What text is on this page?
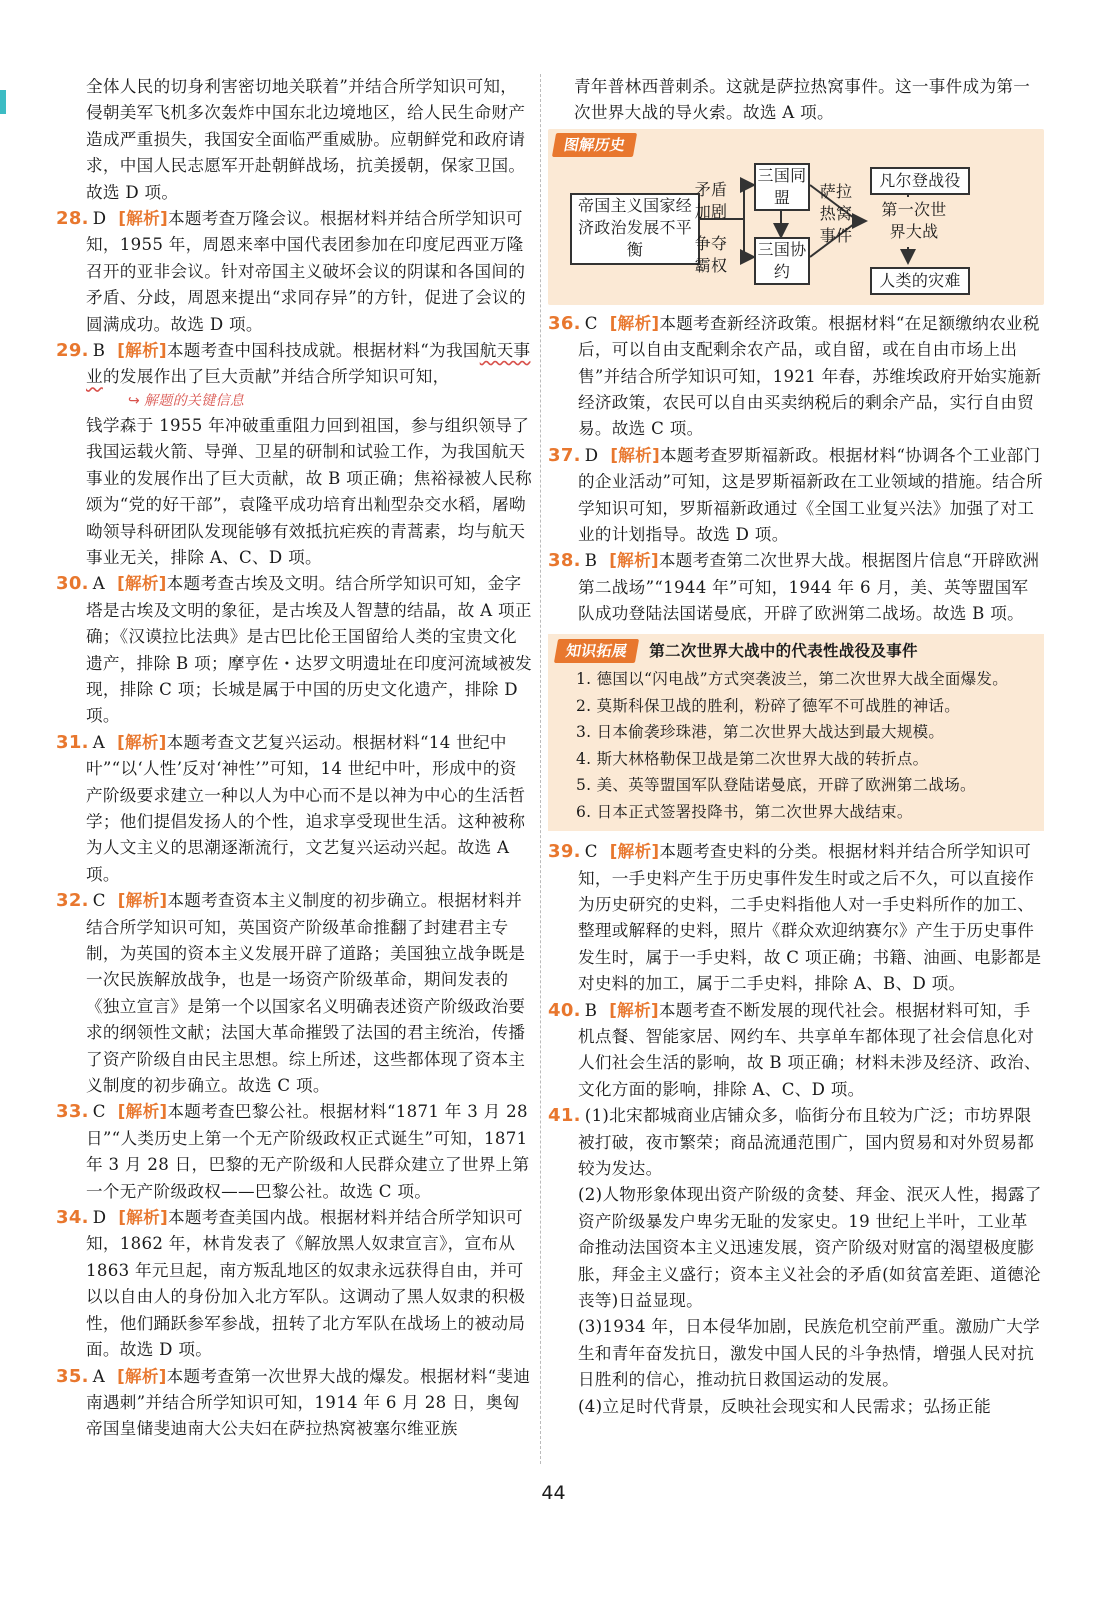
全体人民的切身利害密切地关联着”并结合所学知识可知，侵朝美军飞机多次轰炸中国东北边境地区，给人民生命财产造成严重损失，我国安全面临严重威胁。应朝鲜党和政府请求，中国人民志愿军开赴朝鲜战场，抗美援朝，保家卫国。故选 D 项。

28. D [解析]本题考查万隆会议。根据材料并结合所学知识可知，1955 年，周恩来率中国代表团参加在印度尼西亚万隆召开的亚非会议。针对帝国主义破坏会议的阴谋和各国间的矛盾、分歧，周恩来提出“求同存异”的方针，促进了会议的圆满成功。故选 D 项。

29. B [解析]本题考查中国科技成就。根据材料“为我国航天事业的发展作出了巨大贡献”并结合所学知识可知，

↪ 解题的关键信息

钱学森于 1955 年冲破重重阻力回到祖国，参与组织领导了我国运载火箭、导弹、卫星的研制和试验工作，为我国航天事业的发展作出了巨大贡献，故 B 项正确；焦裕禄被人民称颂为“党的好干部”，袁隆平成功培育出籼型杂交水稻，屠呦呦领导科研团队发现能够有效抵抗疟疾的青蒿素，均与航天事业无关，排除 A、C、D 项。

30. A [解析]本题考查古埃及文明。结合所学知识可知，金字塔是古埃及文明的象征，是古埃及人智慧的结晶，故 A 项正确；《汉谟拉比法典》是古巴比伦王国留给人类的宝贵文化遗产，排除 B 项；摩亨佐・达罗文明遗址在印度河流域被发现，排除 C 项；长城是属于中国的历史文化遗产，排除 D 项。

31. A [解析]本题考查文艺复兴运动。根据材料“14 世纪中叶”“以‘人性’反对‘神性’”可知，14 世纪中叶，形成中的资产阶级要求建立一种以人为中心而不是以神为中心的生活哲学；他们提倡发扬人的个性，追求享受现世生活。这种被称为人文主义的思潮逐渐流行，文艺复兴运动兴起。故选 A 项。

32. C [解析]本题考查资本主义制度的初步确立。根据材料并结合所学知识可知，英国资产阶级革命推翻了封建君主专制，为英国的资本主义发展开辟了道路；美国独立战争既是一次民族解放战争，也是一场资产阶级革命，期间发表的《独立宣言》是第一个以国家名义明确表述资产阶级政治要求的纲领性文献；法国大革命摧毁了法国的君主统治，传播了资产阶级自由民主思想。综上所述，这些都体现了资本主义制度的初步确立。故选 C 项。

33. C [解析]本题考查巴黎公社。根据材料“1871 年 3 月 28 日”“人类历史上第一个无产阶级政权正式诞生”可知，1871 年 3 月 28 日，巴黎的无产阶级和人民群众建立了世界上第一个无产阶级政权——巴黎公社。故选 C 项。

34. D [解析]本题考查美国内战。根据材料并结合所学知识可知，1862 年，林肯发表了《解放黑人奴隶宣言》，宣布从 1863 年元旦起，南方叛乱地区的奴隶永远获得自由，并可以以自由人的身份加入北方军队。这调动了黑人奴隶的积极性，他们踊跃参军参战，扭转了北方军队在战场上的被动局面。故选 D 项。

35. A [解析]本题考查第一次世界大战的爆发。根据材料“斐迪南遇刺”并结合所学知识可知，1914 年 6 月 28 日，奥匈帝国皇储斐迪南大公夫妇在萨拉热窝被塞尔维亚族

青年普林西普刺杀。这就是萨拉热窝事件。这一事件成为第一次世界大战的导火索。故选 A 项。

图解历史
帝国主义国家经济政治发展不平衡
矛盾加剧
争夺霸权
三国同盟
三国协约
萨拉热窝事件
凡尔登战役
第一次世界大战
人类的灾难

36. C [解析]本题考查新经济政策。根据材料“在足额缴纳农业税后，可以自由支配剩余农产品，或自留，或在自由市场上出售”并结合所学知识可知，1921 年春，苏维埃政府开始实施新经济政策，农民可以自由买卖纳税后的剩余产品，实行自由贸易。故选 C 项。

37. D [解析]本题考查罗斯福新政。根据材料“协调各个工业部门的企业活动”可知，这是罗斯福新政在工业领域的措施。结合所学知识可知，罗斯福新政通过《全国工业复兴法》加强了对工业的计划指导。故选 D 项。

38. B [解析]本题考查第二次世界大战。根据图片信息“开辟欧洲第二战场”“1944 年”可知，1944 年 6 月，美、英等盟国军队成功登陆法国诺曼底，开辟了欧洲第二战场。故选 B 项。

知识拓展	第二次世界大战中的代表性战役及事件

1. 德国以“闪电战”方式突袭波兰，第二次世界大战全面爆发。

2. 莫斯科保卫战的胜利，粉碎了德军不可战胜的神话。

3. 日本偷袭珍珠港，第二次世界大战达到最大规模。

4. 斯大林格勒保卫战是第二次世界大战的转折点。

5. 美、英等盟国军队登陆诺曼底，开辟了欧洲第二战场。

6. 日本正式签署投降书，第二次世界大战结束。

39. C [解析]本题考查史料的分类。根据材料并结合所学知识可知，一手史料产生于历史事件发生时或之后不久，可以直接作为历史研究的史料，二手史料指他人对一手史料所作的加工、整理或解释的史料，照片《群众欢迎纳赛尔》产生于历史事件发生时，属于一手史料，故 C 项正确；书籍、油画、电影都是对史料的加工，属于二手史料，排除 A、B、D 项。

40. B [解析]本题考查不断发展的现代社会。根据材料可知，手机点餐、智能家居、网约车、共享单车都体现了社会信息化对人们社会生活的影响，故 B 项正确；材料未涉及经济、政治、文化方面的影响，排除 A、C、D 项。

41. (1)北宋都城商业店铺众多，临街分布且较为广泛；市坊界限被打破，夜市繁荣；商品流通范围广，国内贸易和对外贸易都较为发达。

(2)人物形象体现出资产阶级的贪婪、拜金、泯灭人性，揭露了资产阶级暴发户卑劣无耻的发家史。19 世纪上半叶，工业革命推动法国资本主义迅速发展，资产阶级对财富的渴望极度膨胀，拜金主义盛行；资本主义社会的矛盾(如贫富差距、道德沦丧等)日益显现。

(3)1934 年，日本侵华加剧，民族危机空前严重。激励广大学生和青年奋发抗日，激发中国人民的斗争热情，增强人民对抗日胜利的信心，推动抗日救国运动的发展。

(4)立足时代背景，反映社会现实和人民需求；弘扬正能

44
